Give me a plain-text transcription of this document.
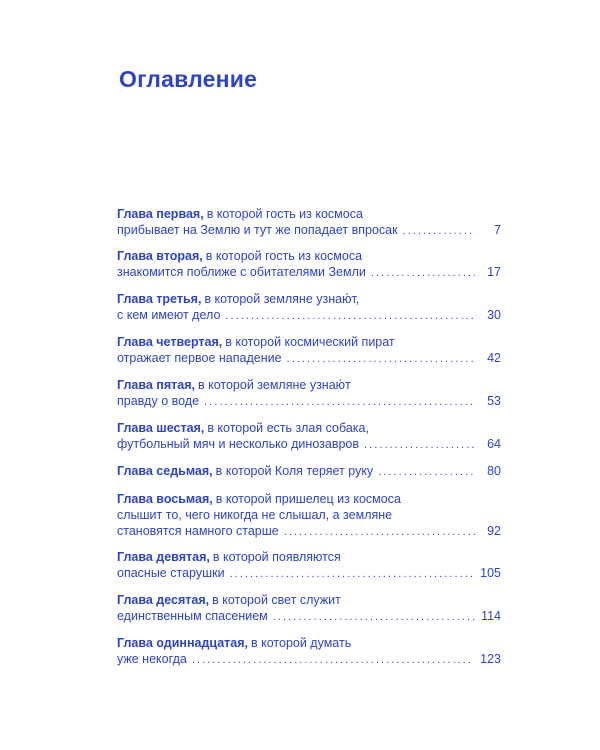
Оглавление
Глава первая, в которой гость из космоса
прибывает на Землю и тут же попадает впросак . . .	7
Глава вторая, в которой гость из космоса
знакомится поближе с обитателями Земли . . .	17
Глава третья, в которой земляне узнаю́т,
с кем имеют дело . . .	30
Глава четвертая, в которой космический пират
отражает первое нападение . . .	42
Глава пятая, в которой земляне узнаю́т
правду о воде . . .	53
Глава шестая, в которой есть злая собака,
футбольный мяч и несколько динозавров . . .	64
Глава седьмая, в которой Коля теряет руку . . .	80
Глава восьмая, в которой пришелец из космоса
слышит то, чего никогда не слышал, а земляне
становятся намного старше . . .	92
Глава девятая, в которой появляются
опасные старушки . . .	105
Глава десятая, в которой свет служит
единственным спасением . . .	114
Глава одиннадцатая, в которой думать
уже некогда . . .	123
